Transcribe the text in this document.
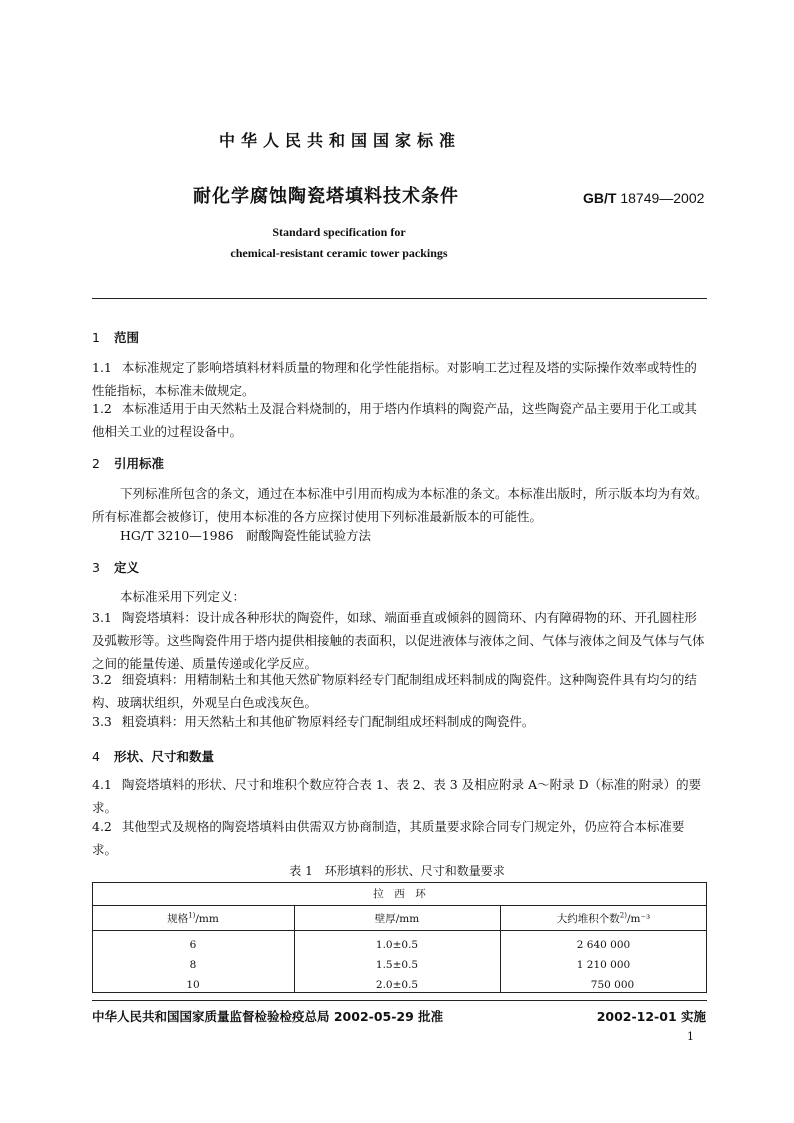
中华人民共和国国家标准
耐化学腐蚀陶瓷塔填料技术条件	GB/T 18749—2002
Standard specification for
chemical-resistant ceramic tower packings
1 范围
1.1 本标准规定了影响塔填料材料质量的物理和化学性能指标。对影响工艺过程及塔的实际操作效率或特性的性能指标，本标准未做规定。
1.2 本标准适用于由天然粘土及混合料烧制的，用于塔内作填料的陶瓷产品，这些陶瓷产品主要用于化工或其他相关工业的过程设备中。
2 引用标准
下列标准所包含的条文，通过在本标准中引用而构成为本标准的条文。本标准出版时，所示版本均为有效。所有标准都会被修订，使用本标准的各方应探讨使用下列标准最新版本的可能性。
HG/T 3210—1986　耐酸陶瓷性能试验方法
3 定义
本标准采用下列定义：
3.1 陶瓷塔填料：设计成各种形状的陶瓷件，如球、端面垂直或倾斜的圆筒环、内有障碍物的环、开孔圆柱形及弧鞍形等。这些陶瓷件用于塔内提供相接触的表面积，以促进液体与液体之间、气体与液体之间及气体与气体之间的能量传递、质量传递或化学反应。
3.2 细瓷填料：用精制粘土和其他天然矿物原料经专门配制组成坯料制成的陶瓷件。这种陶瓷件具有均匀的结构、玻璃状组织，外观呈白色或浅灰色。
3.3 粗瓷填料：用天然粘土和其他矿物原料经专门配制组成坯料制成的陶瓷件。
4 形状、尺寸和数量
4.1 陶瓷塔填料的形状、尺寸和堆积个数应符合表 1、表 2、表 3 及相应附录 A～附录 D（标准的附录）的要求。
4.2 其他型式及规格的陶瓷塔填料由供需双方协商制造，其质量要求除合同专门规定外，仍应符合本标准要求。
表 1　环形填料的形状、尺寸和数量要求
拉　西　环		
规格$^{1)}$/mm	壁厚/mm	大约堆积个数$^{2)}$/m⁻³
6	1.0±0.5	2 640 000
8	1.5±0.5	1 210 000
10	2.0±0.5	750 000
中华人民共和国国家质量监督检验检疫总局 2002-05-29 批准	2002-12-01 实施
1
